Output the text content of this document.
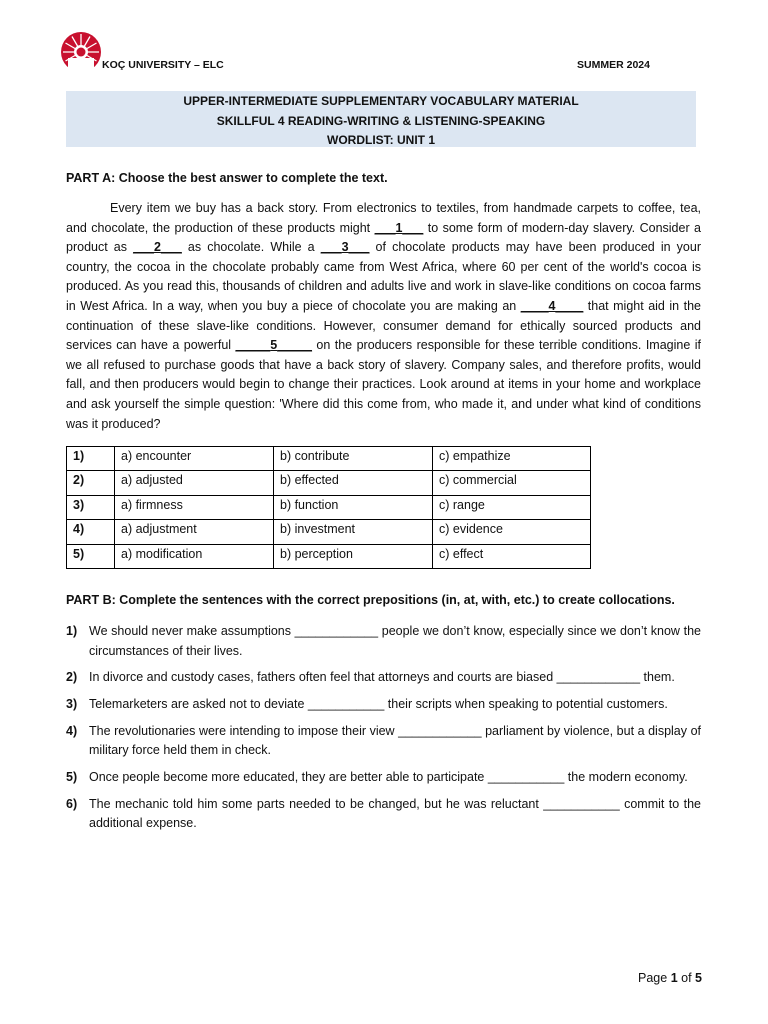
KOÇ UNIVERSITY – ELC	SUMMER 2024
UPPER-INTERMEDIATE SUPPLEMENTARY VOCABULARY MATERIAL
SKILLFUL 4 READING-WRITING & LISTENING-SPEAKING
WORDLIST: UNIT 1
PART A: Choose the best answer to complete the text.

Every item we buy has a back story. From electronics to textiles, from handmade carpets to coffee, tea, and chocolate, the production of these products might ___1___ to some form of modern-day slavery. Consider a product as ___2___ as chocolate. While a ___3___ of chocolate products may have been produced in your country, the cocoa in the chocolate probably came from West Africa, where 60 per cent of the world's cocoa is produced. As you read this, thousands of children and adults live and work in slave-like conditions on cocoa farms in West Africa. In a way, when you buy a piece of chocolate you are making an ____4____ that might aid in the continuation of these slave-like conditions. However, consumer demand for ethically sourced products and services can have a powerful _____5_____ on the producers responsible for these terrible conditions. Imagine if we all refused to purchase goods that have a back story of slavery. Company sales, and therefore profits, would fall, and then producers would begin to change their practices. Look around at items in your home and workplace and ask yourself the simple question: 'Where did this come from, who made it, and under what kind of conditions was it produced?

1)	a) encounter	b) contribute	c) empathize
2)	a) adjusted	b) effected	c) commercial
3)	a) firmness	b) function	c) range
4)	a) adjustment	b) investment	c) evidence
5)	a) modification	b) perception	c) effect
PART B: Complete the sentences with the correct prepositions (in, at, with, etc.) to create collocations.
1) We should never make assumptions ____________ people we don’t know, especially since we don’t know the circumstances of their lives.
2) In divorce and custody cases, fathers often feel that attorneys and courts are biased ____________ them.
3) Telemarketers are asked not to deviate ___________ their scripts when speaking to potential customers.
4) The revolutionaries were intending to impose their view ____________ parliament by violence, but a display of military force held them in check.
5) Once people become more educated, they are better able to participate ___________ the modern economy.
6) The mechanic told him some parts needed to be changed, but he was reluctant ___________ commit to the additional expense.
Page 1 of 5
